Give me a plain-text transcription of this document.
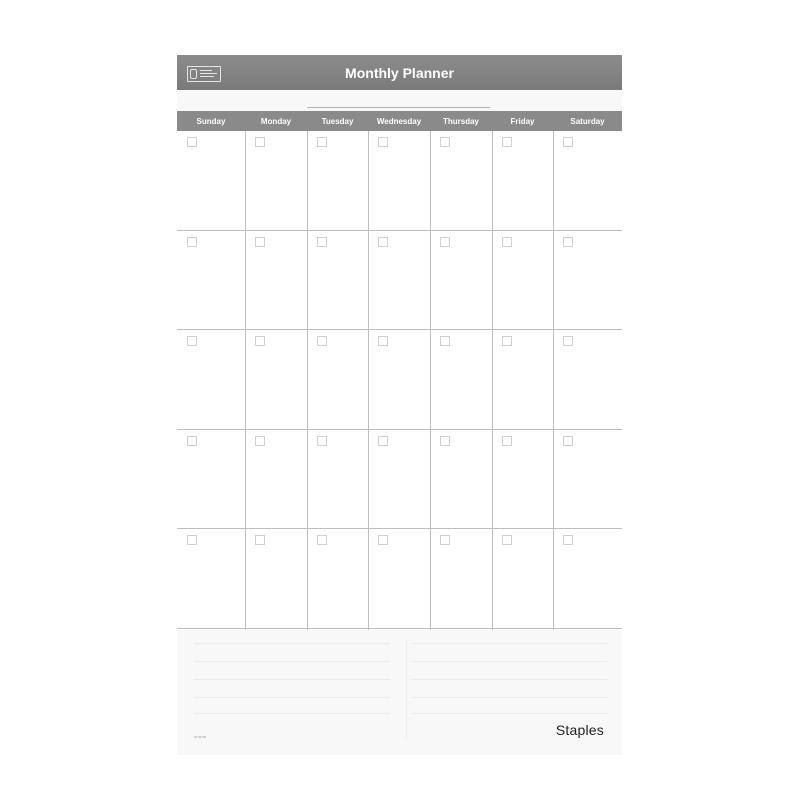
Monthly Planner
Sunday	Monday	Tuesday	Wednesday	Thursday	Friday	Saturday
ST46383	Staples
